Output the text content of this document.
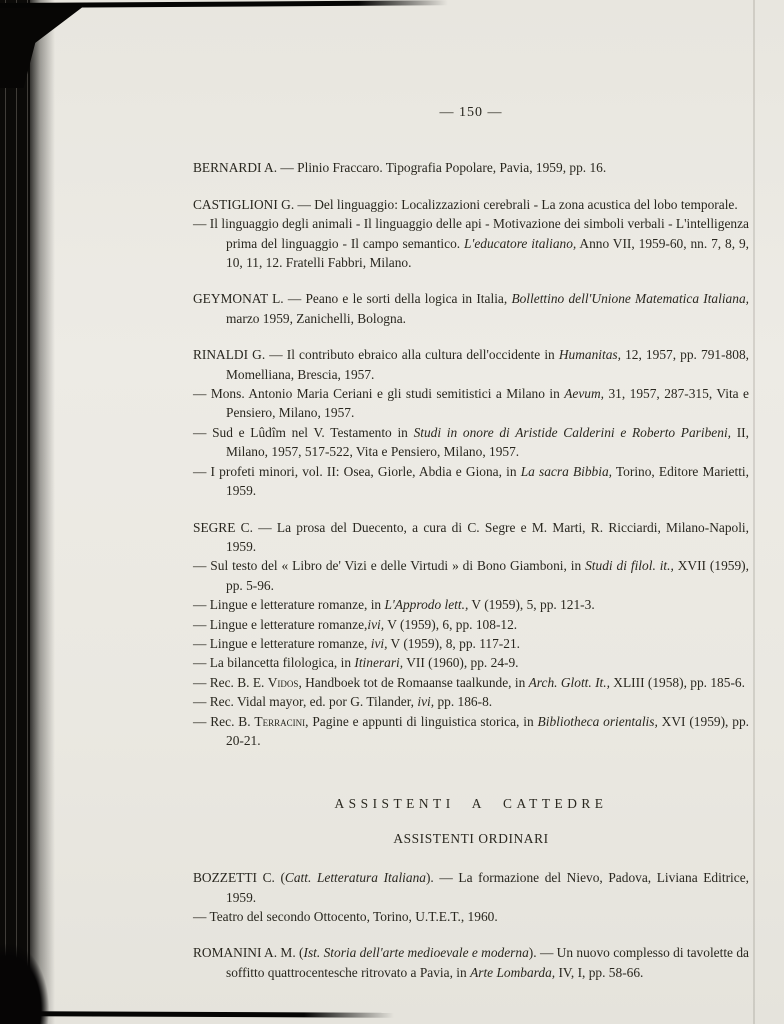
— 150 —

BERNARDI A. — Plinio Fraccaro. Tipografia Popolare, Pavia, 1959, pp. 16.

CASTIGLIONI G. — Del linguaggio: Localizzazioni cerebrali - La zona acustica del lobo temporale.

— Il linguaggio degli animali - Il linguaggio delle api - Motivazione dei simboli verbali - L'intelligenza prima del linguaggio - Il campo semantico. L'educatore italiano, Anno VII, 1959-60, nn. 7, 8, 9, 10, 11, 12. Fratelli Fabbri, Milano.

GEYMONAT L. — Peano e le sorti della logica in Italia, Bollettino dell'Unione Matematica Italiana, marzo 1959, Zanichelli, Bologna.

RINALDI G. — Il contributo ebraico alla cultura dell'occidente in Humanitas, 12, 1957, pp. 791-808, Momelliana, Brescia, 1957.

— Mons. Antonio Maria Ceriani e gli studi semitistici a Milano in Aevum, 31, 1957, 287-315, Vita e Pensiero, Milano, 1957.

— Sud e Lûdîm nel V. Testamento in Studi in onore di Aristide Calderini e Roberto Paribeni, II, Milano, 1957, 517-522, Vita e Pensiero, Milano, 1957.

— I profeti minori, vol. II: Osea, Giorle, Abdia e Giona, in La sacra Bibbia, Torino, Editore Marietti, 1959.

SEGRE C. — La prosa del Duecento, a cura di C. Segre e M. Marti, R. Ricciardi, Milano-Napoli, 1959.

— Sul testo del « Libro de' Vizi e delle Virtudi » di Bono Giamboni, in Studi di filol. it., XVII (1959), pp. 5-96.

— Lingue e letterature romanze, in L'Approdo lett., V (1959), 5, pp. 121-3.

— Lingue e letterature romanze,ivi, V (1959), 6, pp. 108-12.

— Lingue e letterature romanze, ivi, V (1959), 8, pp. 117-21.

— La bilancetta filologica, in Itinerari, VII (1960), pp. 24-9.

— Rec. B. E. Vidos, Handboek tot de Romaanse taalkunde, in Arch. Glott. It., XLIII (1958), pp. 185-6.

— Rec. Vidal mayor, ed. por G. Tilander, ivi, pp. 186-8.

— Rec. B. Terracini, Pagine e appunti di linguistica storica, in Bibliotheca orientalis, XVI (1959), pp. 20-21.

ASSISTENTI A CATTEDRE
ASSISTENTI ORDINARI

BOZZETTI C. (Catt. Letteratura Italiana). — La formazione del Nievo, Padova, Liviana Editrice, 1959.

— Teatro del secondo Ottocento, Torino, U.T.E.T., 1960.

ROMANINI A. M. (Ist. Storia dell'arte medioevale e moderna). — Un nuovo complesso di tavolette da soffitto quattrocentesche ritrovato a Pavia, in Arte Lombarda, IV, I, pp. 58-66.
